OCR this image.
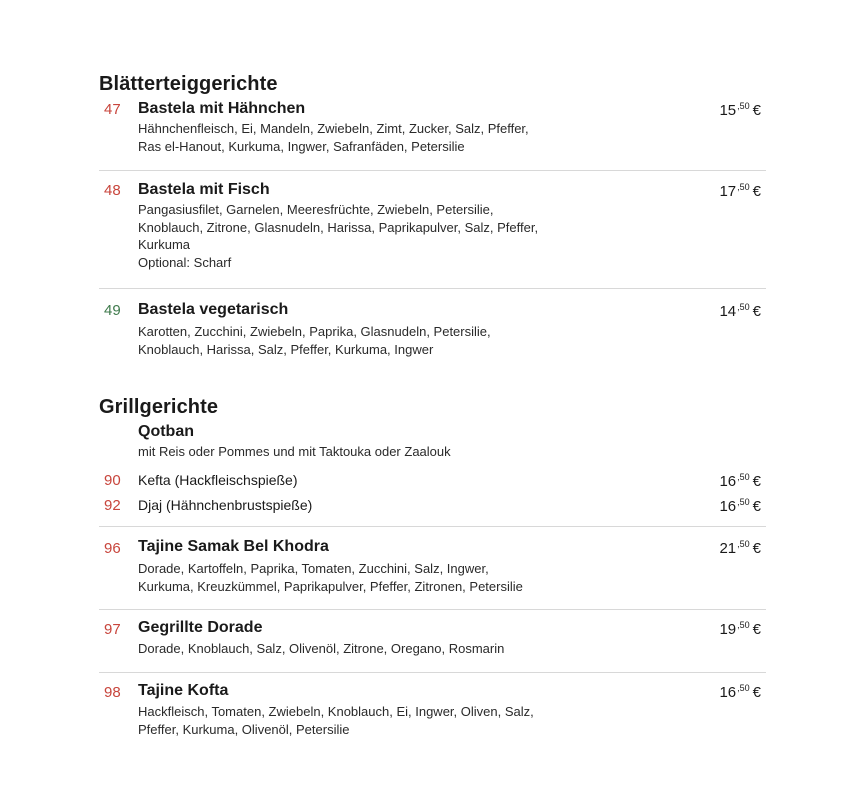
Blätterteiggerichte
47 Bastela mit Hähnchen	$15^{,50}$ €
Hähnchenfleisch, Ei, Mandeln, Zwiebeln, Zimt, Zucker, Salz, Pfeffer,
Ras el-Hanout, Kurkuma, Ingwer, Safranfäden, Petersilie
48 Bastela mit Fisch	$17^{,50}$ €
Pangasiusfilet, Garnelen, Meeresfrüchte, Zwiebeln, Petersilie,
Knoblauch, Zitrone, Glasnudeln, Harissa, Paprikapulver, Salz, Pfeffer,
Kurkuma
Optional: Scharf
49 Bastela vegetarisch	$14^{,50}$ €
Karotten, Zucchini, Zwiebeln, Paprika, Glasnudeln, Petersilie,
Knoblauch, Harissa, Salz, Pfeffer, Kurkuma, Ingwer
Grillgerichte
Qotban
mit Reis oder Pommes und mit Taktouka oder Zaalouk
90 Kefta (Hackfleischspieße)	$16^{,50}$ €
92 Djaj (Hähnchenbrustspieße)	$16^{,50}$ €
96 Tajine Samak Bel Khodra	$21^{,50}$ €
Dorade, Kartoffeln, Paprika, Tomaten, Zucchini, Salz, Ingwer,
Kurkuma, Kreuzkümmel, Paprikapulver, Pfeffer, Zitronen, Petersilie
97 Gegrillte Dorade	$19^{,50}$ €
Dorade, Knoblauch, Salz, Olivenöl, Zitrone, Oregano, Rosmarin
98 Tajine Kofta	$16^{,50}$ €
Hackfleisch, Tomaten, Zwiebeln, Knoblauch, Ei, Ingwer, Oliven, Salz,
Pfeffer, Kurkuma, Olivenöl, Petersilie
